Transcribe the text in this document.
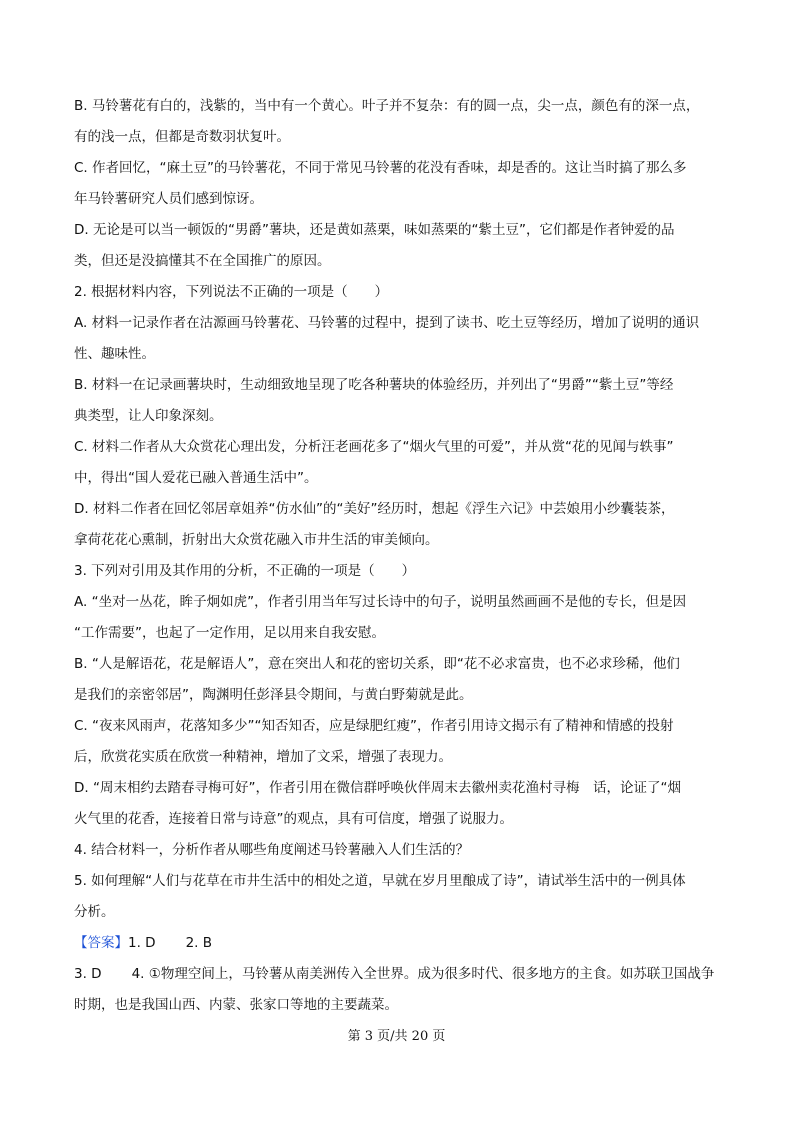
B. 马铃薯花有白的，浅紫的，当中有一个黄心。叶子并不复杂：有的圆一点，尖一点，颜色有的深一点，
有的浅一点，但都是奇数羽状复叶。
C. 作者回忆，“麻土豆”的马铃薯花，不同于常见马铃薯的花没有香味，却是香的。这让当时搞了那么多
年马铃薯研究人员们感到惊讶。
D. 无论是可以当一顿饭的“男爵”薯块，还是黄如蒸栗，味如蒸栗的“紫土豆”，它们都是作者钟爱的品
类，但还是没搞懂其不在全国推广的原因。
2. 根据材料内容，下列说法不正确的一项是（　　）
A. 材料一记录作者在沽源画马铃薯花、马铃薯的过程中，提到了读书、吃土豆等经历，增加了说明的通识
性、趣味性。
B. 材料一在记录画薯块时，生动细致地呈现了吃各种薯块的体验经历，并列出了“男爵”“紫土豆”等经
典类型，让人印象深刻。
C. 材料二作者从大众赏花心理出发，分析汪老画花多了“烟火气里的可爱”，并从赏“花的见闻与轶事”
中，得出“国人爱花已融入普通生活中”。
D. 材料二作者在回忆邻居章姐养“仿水仙”的“美好”经历时，想起《浮生六记》中芸娘用小纱囊装茶，
拿荷花花心熏制，折射出大众赏花融入市井生活的审美倾向。
3. 下列对引用及其作用的分析，不正确的一项是（　　）
A. “坐对一丛花，眸子炯如虎”，作者引用当年写过长诗中的句子，说明虽然画画不是他的专长，但是因
“工作需要”，也起了一定作用，足以用来自我安慰。
B. “人是解语花，花是解语人”，意在突出人和花的密切关系，即“花不必求富贵，也不必求珍稀，他们
是我们的亲密邻居”，陶渊明任彭泽县令期间，与黄白野菊就是此。
C. “夜来风雨声，花落知多少”“知否知否，应是绿肥红瘦”，作者引用诗文揭示有了精神和情感的投射
后，欣赏花实质在欣赏一种精神，增加了文采，增强了表现力。
D. “周末相约去踏春寻梅可好”，作者引用在微信群呼唤伙伴周末去徽州卖花渔村寻梅　话，论证了“烟
火气里的花香，连接着日常与诗意”的观点，具有可信度，增强了说服力。
4. 结合材料一，分析作者从哪些角度阐述马铃薯融入人们生活的？
5. 如何理解“人们与花草在市井生活中的相处之道，早就在岁月里酿成了诗”，请试举生活中的一例具体
分析。
【答案】1. D 2. B
3. D 4. ①物理空间上，马铃薯从南美洲传入全世界。成为很多时代、很多地方的主食。如苏联卫国战争
时期，也是我国山西、内蒙、张家口等地的主要蔬菜。
第 3 页/共 20 页
